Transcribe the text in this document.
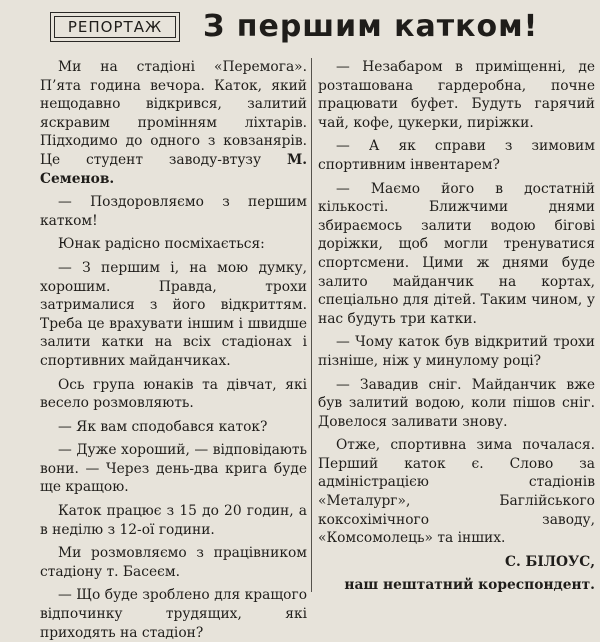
РЕПОРТАЖ	З першим катком!

Ми на стадіоні «Перемога». П’ята година вечора. Каток, який нещодавно відкрився, залитий яскравим промінням ліхтарів. Підходимо до одного з ковзанярів. Це студент заводу-втузу М. Семенов.

— Поздоровляємо з першим катком!

Юнак радісно посміхається:

— З першим і, на мою думку, хорошим. Правда, трохи затрималися з його відкриттям. Треба це врахувати іншим і швидше залити катки на всіх стадіонах і спортивних майданчиках.

Ось група юнаків та дівчат, які весело розмовляють.

— Як вам сподобався каток?

— Дуже хороший, — відповідають вони. — Через день-два крига буде ще кращою.

Каток працює з 15 до 20 годин, а в неділю з 12-ої години.

Ми розмовляємо з працівником стадіону т. Басеєм.

— Що буде зроблено для кращого відпочинку трудящих, які приходять на стадіон?

— Незабаром в приміщенні, де розташована гардеробна, почне працювати буфет. Будуть гарячий чай, кофе, цукерки, пиріжки.

— А як справи з зимовим спортивним інвентарем?

— Маємо його в достатній кількості. Ближчими днями збираємось залити водою бігові доріжки, щоб могли тренуватися спортсмени. Цими ж днями буде залито майданчик на кортах, спеціально для дітей. Таким чином, у нас будуть три катки.

— Чому каток був відкритий трохи пізніше, ніж у минулому році?

— Завадив сніг. Майданчик вже був залитий водою, коли пішов сніг. Довелося заливати знову.

Отже, спортивна зима почалася. Перший каток є. Слово за адміністрацією стадіонів «Металург», Баглійського коксохімічного заводу, «Комсомолець» та інших.

С. БІЛОУС,

наш нештатний кореспондент.
